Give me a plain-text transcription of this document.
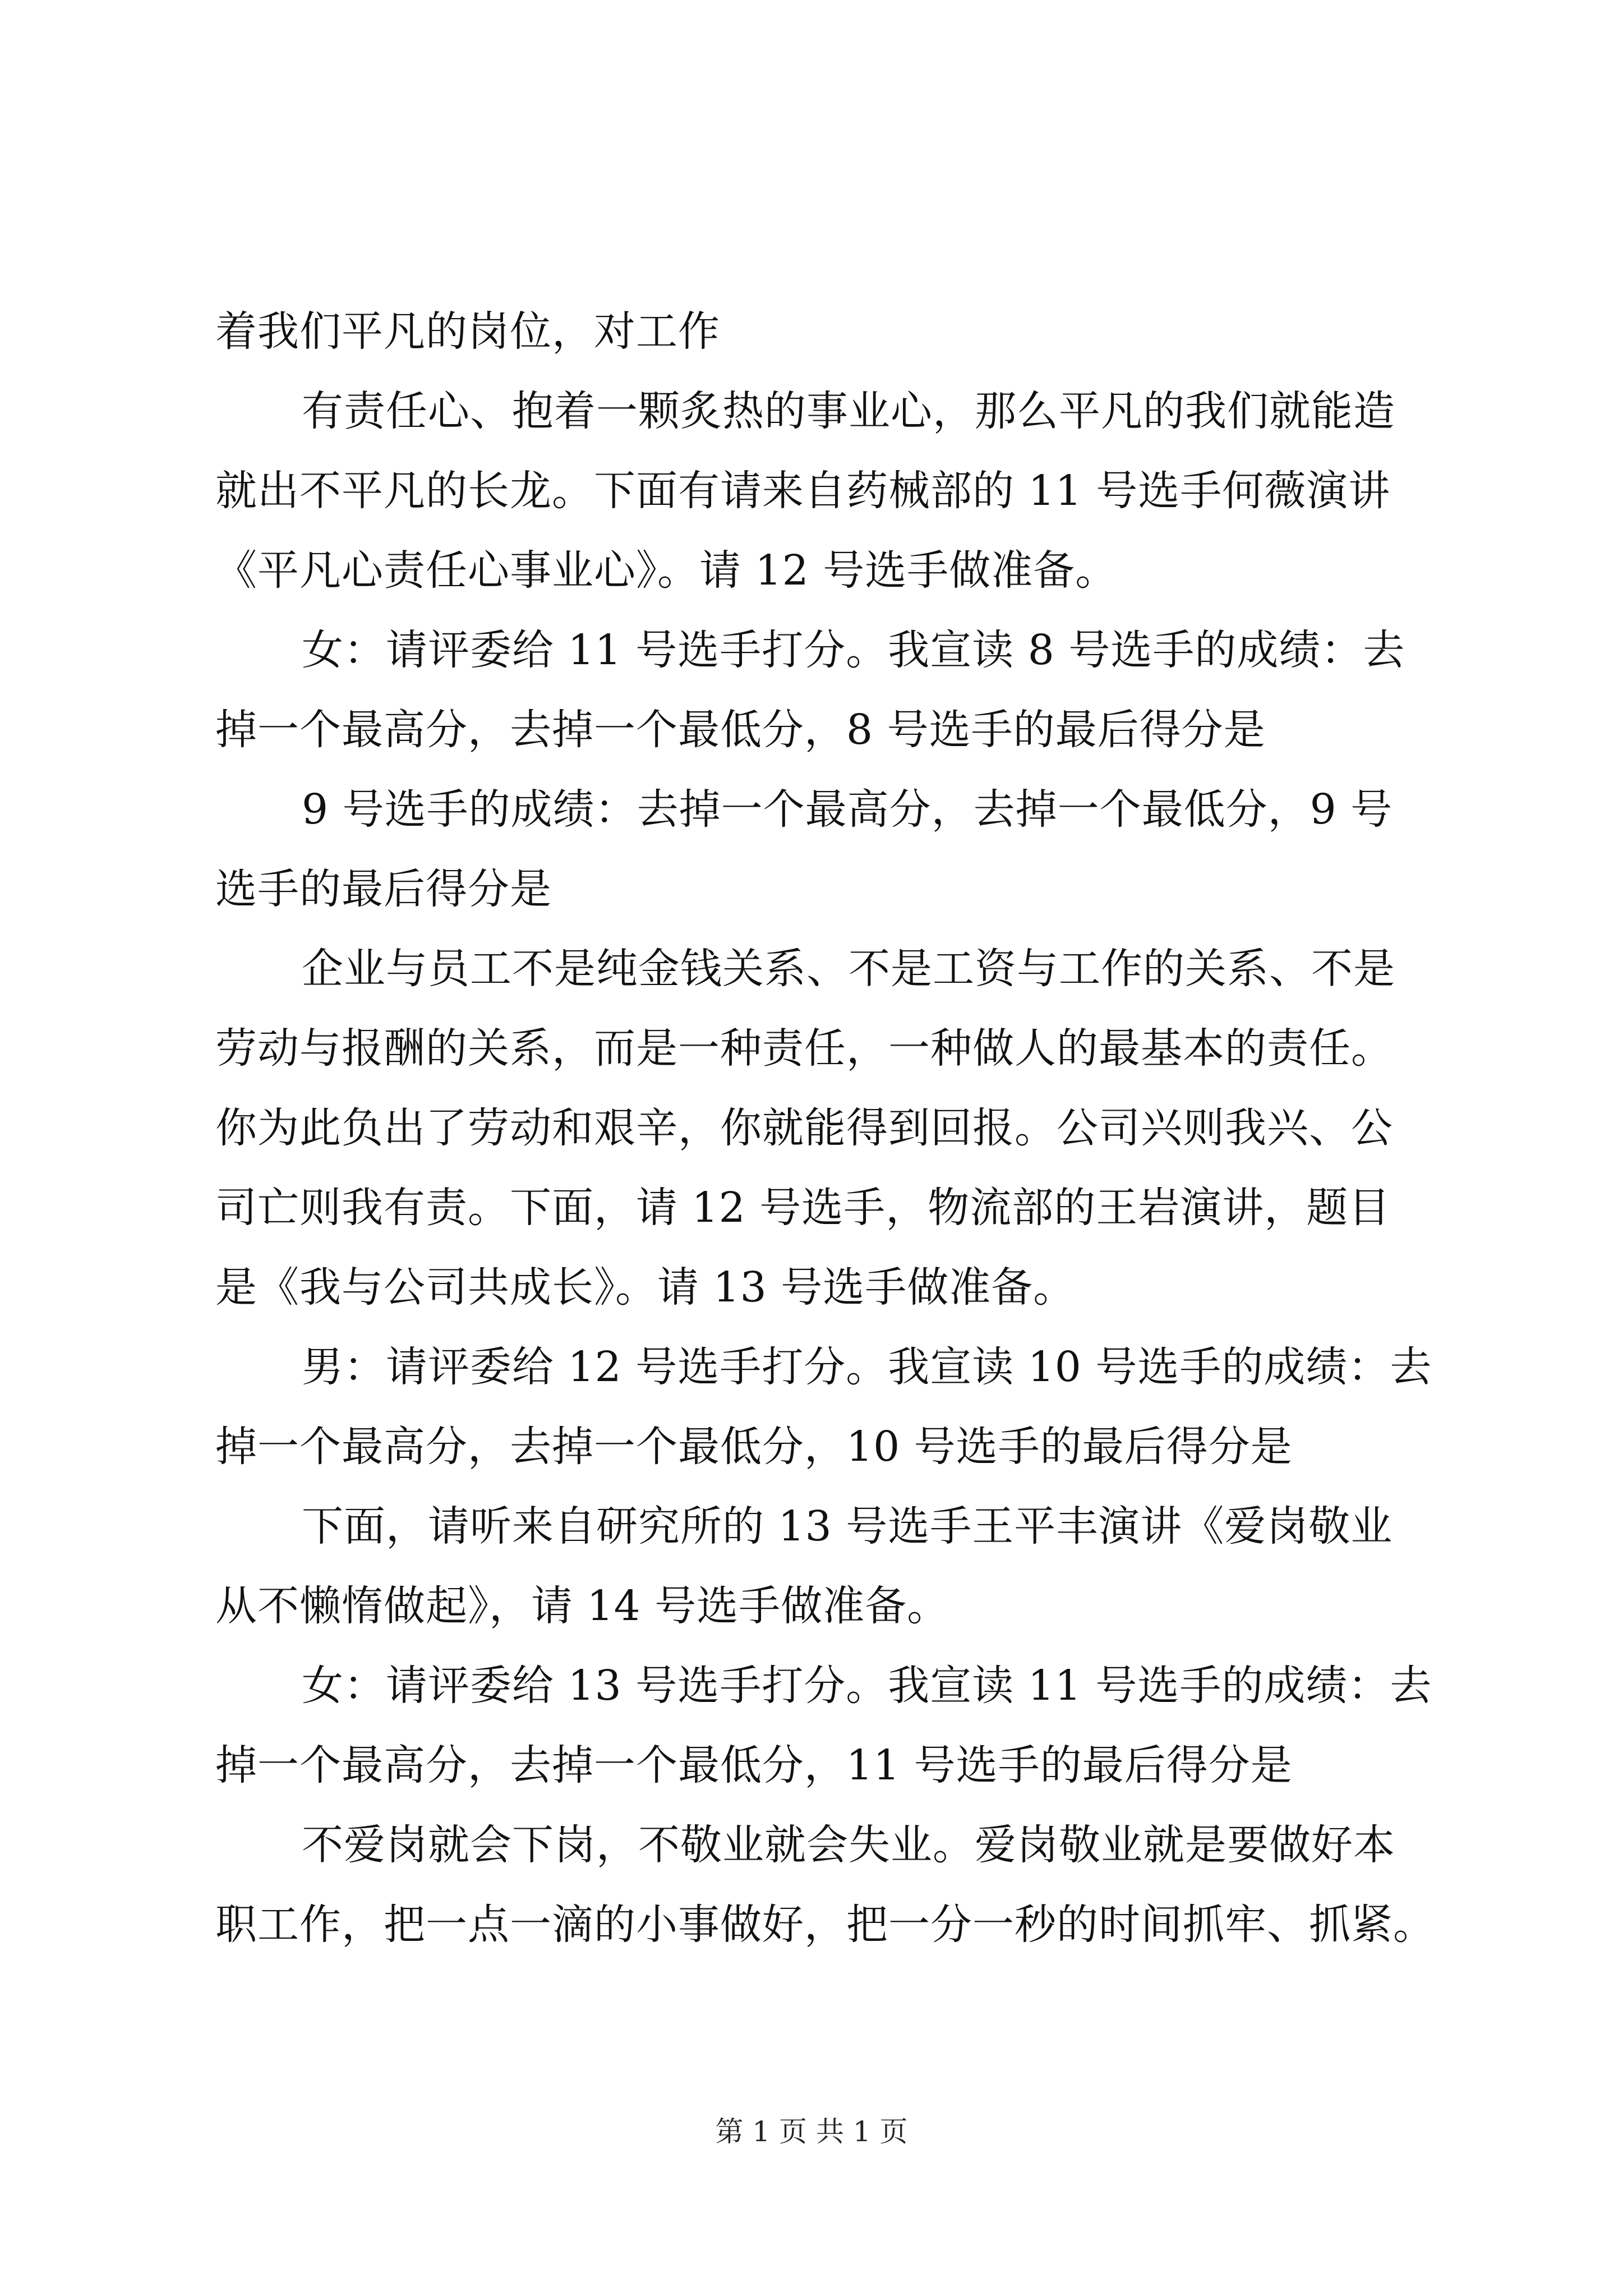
着我们平凡的岗位，对工作
有责任心、抱着一颗炙热的事业心，那么平凡的我们就能造
就出不平凡的长龙。下面有请来自药械部的 11 号选手何薇演讲
《平凡心责任心事业心》。请 12 号选手做准备。
女：请评委给 11 号选手打分。我宣读 8 号选手的成绩：去
掉一个最高分，去掉一个最低分，8 号选手的最后得分是
9 号选手的成绩：去掉一个最高分，去掉一个最低分，9 号
选手的最后得分是
企业与员工不是纯金钱关系、不是工资与工作的关系、不是
劳动与报酬的关系，而是一种责任，一种做人的最基本的责任。
你为此负出了劳动和艰辛，你就能得到回报。公司兴则我兴、公
司亡则我有责。下面，请 12 号选手，物流部的王岩演讲，题目
是《我与公司共成长》。请 13 号选手做准备。
男：请评委给 12 号选手打分。我宣读 10 号选手的成绩：去
掉一个最高分，去掉一个最低分，10 号选手的最后得分是
下面，请听来自研究所的 13 号选手王平丰演讲《爱岗敬业
从不懒惰做起》，请 14 号选手做准备。
女：请评委给 13 号选手打分。我宣读 11 号选手的成绩：去
掉一个最高分，去掉一个最低分，11 号选手的最后得分是
不爱岗就会下岗，不敬业就会失业。爱岗敬业就是要做好本
职工作，把一点一滴的小事做好，把一分一秒的时间抓牢、抓紧。
第 1 页 共 1 页
